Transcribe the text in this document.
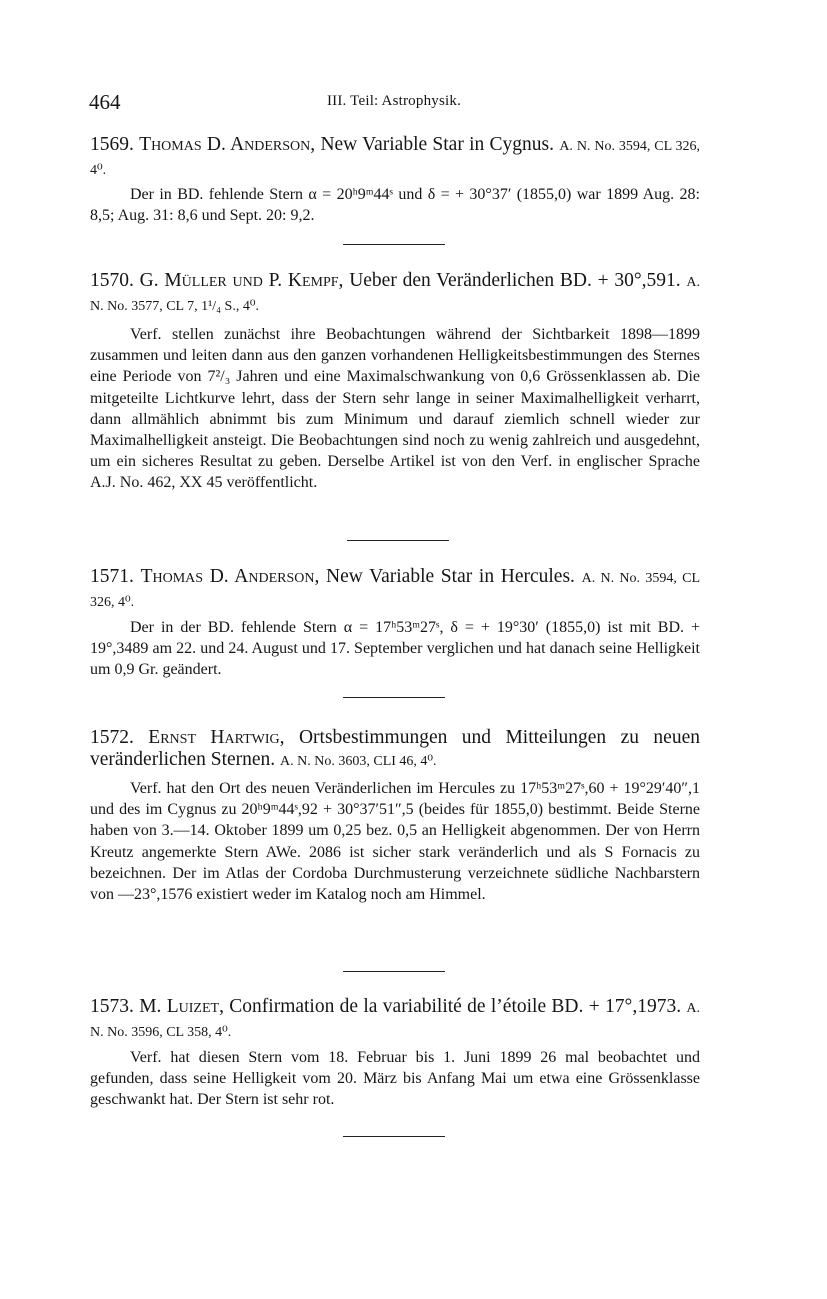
464	III. Teil: Astrophysik.

1569. Thomas D. Anderson, New Variable Star in Cygnus. A. N. No. 3594, CL 326, 4⁰.

Der in BD. fehlende Stern α = 20ʰ9ᵐ44ˢ und δ = + 30°37′ (1855,0) war 1899 Aug. 28: 8,5; Aug. 31: 8,6 und Sept. 20: 9,2.

1570. G. Müller und P. Kempf, Ueber den Veränderlichen BD. + 30°,591. A. N. No. 3577, CL 7, 1¹/₄ S., 4⁰.

Verf. stellen zunächst ihre Beobachtungen während der Sichtbarkeit 1898—1899 zusammen und leiten dann aus den ganzen vorhandenen Helligkeitsbestimmungen des Sternes eine Periode von 7²/₃ Jahren und eine Maximalschwankung von 0,6 Grössenklassen ab. Die mitgeteilte Lichtkurve lehrt, dass der Stern sehr lange in seiner Maximalhelligkeit verharrt, dann allmählich abnimmt bis zum Minimum und darauf ziemlich schnell wieder zur Maximalhelligkeit ansteigt. Die Beobachtungen sind noch zu wenig zahlreich und ausgedehnt, um ein sicheres Resultat zu geben. Derselbe Artikel ist von den Verf. in englischer Sprache A.J. No. 462, XX 45 veröffentlicht.

1571. Thomas D. Anderson, New Variable Star in Hercules. A. N. No. 3594, CL 326, 4⁰.

Der in der BD. fehlende Stern α = 17ʰ53ᵐ27ˢ, δ = + 19°30′ (1855,0) ist mit BD. + 19°,3489 am 22. und 24. August und 17. September verglichen und hat danach seine Helligkeit um 0,9 Gr. geändert.

1572. Ernst Hartwig, Ortsbestimmungen und Mitteilungen zu neuen veränderlichen Sternen. A. N. No. 3603, CLI 46, 4⁰.

Verf. hat den Ort des neuen Veränderlichen im Hercules zu 17ʰ53ᵐ27ˢ,60 + 19°29′40″,1 und des im Cygnus zu 20ʰ9ᵐ44ˢ,92 + 30°37′51″,5 (beides für 1855,0) bestimmt. Beide Sterne haben von 3.—14. Oktober 1899 um 0,25 bez. 0,5 an Helligkeit abgenommen. Der von Herrn Kreutz angemerkte Stern AWe. 2086 ist sicher stark veränderlich und als S Fornacis zu bezeichnen. Der im Atlas der Cordoba Durchmusterung verzeichnete südliche Nachbarstern von —23°,1576 existiert weder im Katalog noch am Himmel.

1573. M. Luizet, Confirmation de la variabilité de l’étoile BD. + 17°,1973. A. N. No. 3596, CL 358, 4⁰.

Verf. hat diesen Stern vom 18. Februar bis 1. Juni 1899 26 mal beobachtet und gefunden, dass seine Helligkeit vom 20. März bis Anfang Mai um etwa eine Grössenklasse geschwankt hat. Der Stern ist sehr rot.
